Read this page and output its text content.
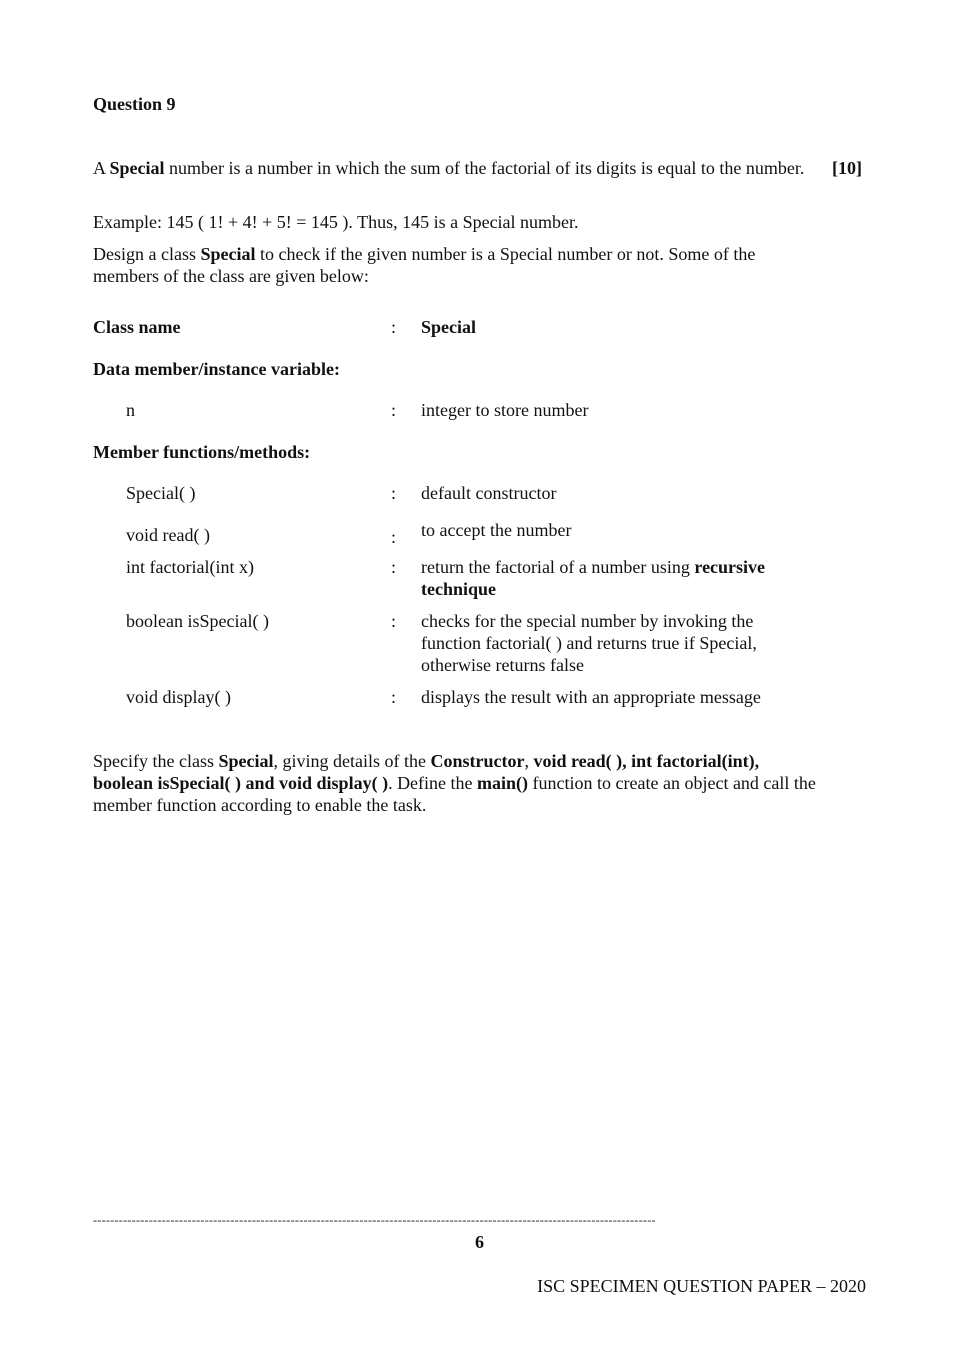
Question 9
[10]
A Special number is a number in which the sum of the factorial of its digits is equal to the number.
Example: 145 ( 1! + 4! + 5! = 145 ). Thus, 145 is a Special number.
Design a class Special to check if the given number is a Special number or not. Some of the members of the class are given below:
Class name	: Special
Data member/instance variable:
n	: integer to store number
Member functions/methods:
Special( )	: default constructor
void read( )	: to accept the number
int factorial(int x)	: return the factorial of a number using recursive technique
boolean isSpecial( )	: checks for the special number by invoking the function factorial( ) and returns true if Special, otherwise returns false
void display( )	: displays the result with an appropriate message
Specify the class Special, giving details of the Constructor, void read( ), int factorial(int), boolean isSpecial( ) and void display( ). Define the main() function to create an object and call the member function according to enable the task.
-----------------------------------------------------------------------------------------------------------------------------------
6
ISC SPECIMEN QUESTION PAPER – 2020
